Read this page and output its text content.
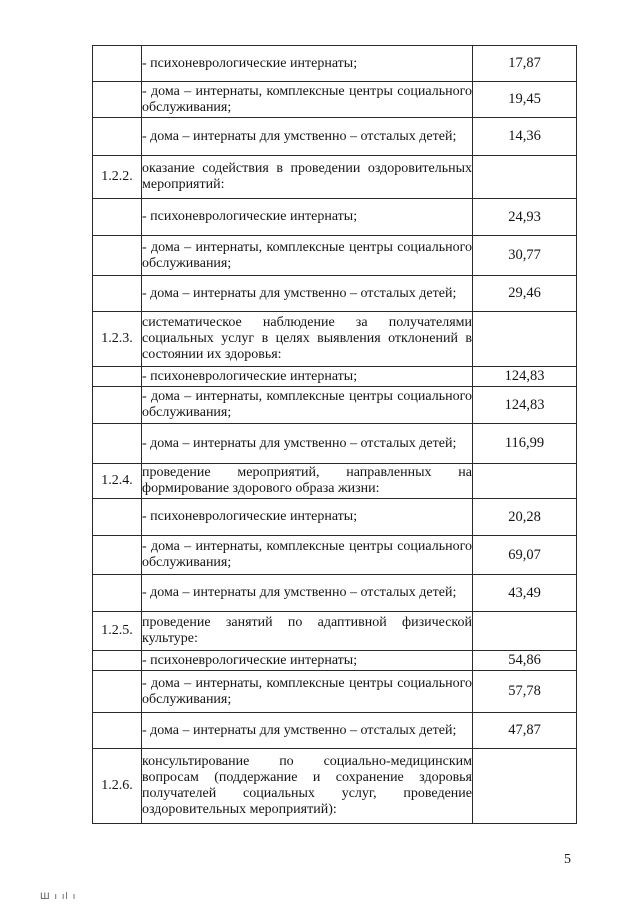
	- психоневрологические интернаты;	17,87
	- дома – интернаты, комплексные центры социального обслуживания;	19,45
	- дома – интернаты для умственно – отсталых детей;	14,36
1.2.2.	оказание содействия в проведении оздоровительных мероприятий:	
	- психоневрологические интернаты;	24,93
	- дома – интернаты, комплексные центры социального обслуживания;	30,77
	- дома – интернаты для умственно – отсталых детей;	29,46
1.2.3.	систематическое наблюдение за получателями социальных услуг в целях выявления отклонений в состоянии их здоровья:	
	- психоневрологические интернаты;	124,83
	- дома – интернаты, комплексные центры социального обслуживания;	124,83
	- дома – интернаты для умственно – отсталых детей;	116,99
1.2.4.	проведение мероприятий, направленных на формирование здорового образа жизни:	
	- психоневрологические интернаты;	20,28
	- дома – интернаты, комплексные центры социального обслуживания;	69,07
	- дома – интернаты для умственно – отсталых детей;	43,49
1.2.5.	проведение занятий по адаптивной физической культуре:	
	- психоневрологические интернаты;	54,86
	- дома – интернаты, комплексные центры социального обслуживания;	57,78
	- дома – интернаты для умственно – отсталых детей;	47,87
1.2.6.	консультирование по социально-медицинским вопросам (поддержание и сохранение здоровья получателей социальных услуг, проведение оздоровительных мероприятий):	
5
Ш ı ıl ı
